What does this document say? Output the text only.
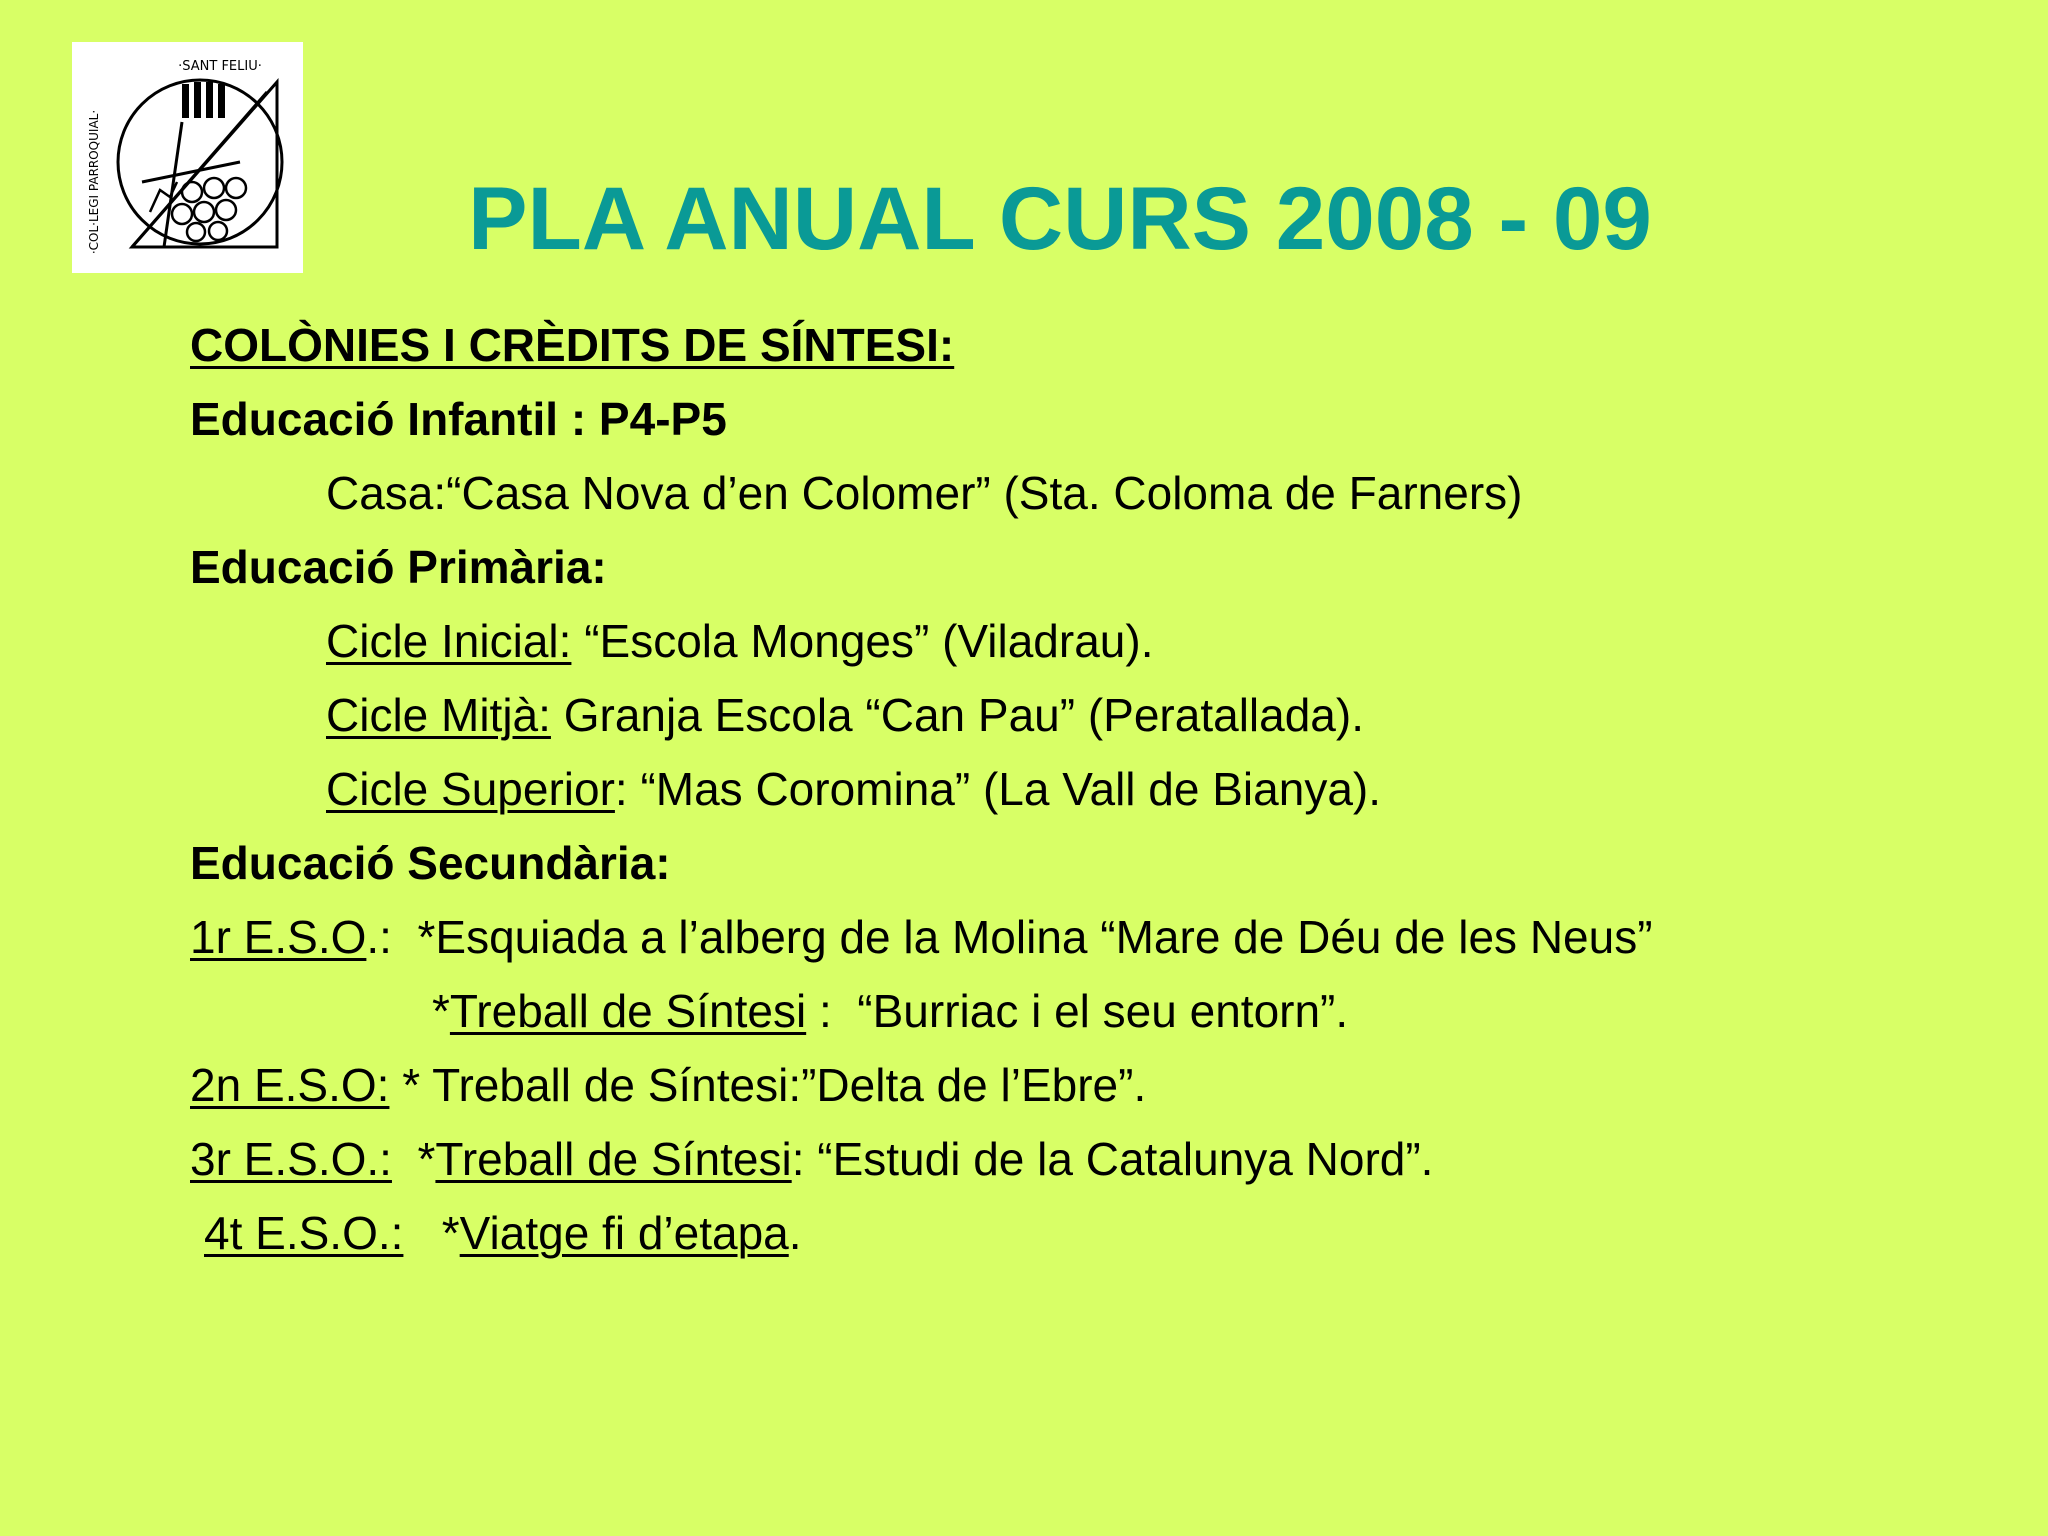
·SANT FELIU·
·COL·LEGI PARROQUIAL·	PLA ANUAL CURS 2008 - 09
COLÒNIES I CRÈDITS DE SÍNTESI:
Educació Infantil : P4-P5
Casa:“Casa Nova d’en Colomer” (Sta. Coloma de Farners)
Educació Primària:
Cicle Inicial: “Escola Monges” (Viladrau).
Cicle Mitjà: Granja Escola “Can Pau” (Peratallada).
Cicle Superior: “Mas Coromina” (La Vall de Bianya).
Educació Secundària:
1r E.S.O.:  *Esquiada a l’alberg de la Molina “Mare de Déu de les Neus”
*Treball de Síntesi :  “Burriac i el seu entorn”.
2n E.S.O: * Treball de Síntesi:”Delta de l’Ebre”.
3r E.S.O.:  *Treball de Síntesi: “Estudi de la Catalunya Nord”.
4t E.S.O.:   *Viatge fi d’etapa.
